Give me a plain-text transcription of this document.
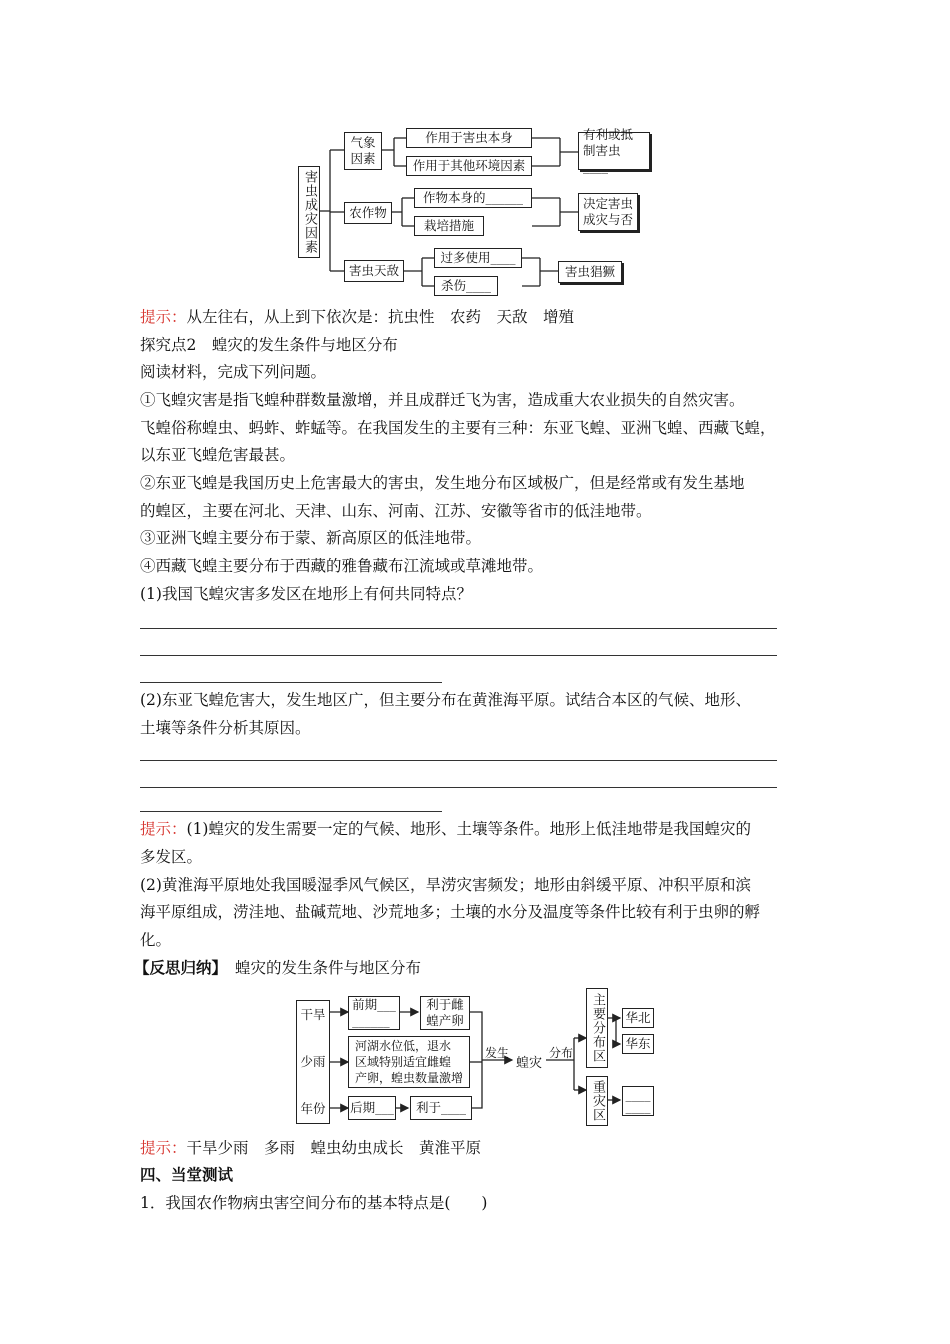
害虫成灾因素
气象因素
农作物
害虫天敌
作用于害虫本身
作用于其他环境因素
作物本身的______
栽培措施
过多使用____
杀伤____
有利或抵制害虫____
决定害虫成灾与否
害虫猖獗
提示：从左往右，从上到下依次是：抗虫性　农药　天敌　增殖
探究点2　蝗灾的发生条件与地区分布
阅读材料，完成下列问题。
①飞蝗灾害是指飞蝗种群数量激增，并且成群迁飞为害，造成重大农业损失的自然灾害。
飞蝗俗称蝗虫、蚂蚱、蚱蜢等。在我国发生的主要有三种：东亚飞蝗、亚洲飞蝗、西藏飞蝗，
以东亚飞蝗危害最甚。
②东亚飞蝗是我国历史上危害最大的害虫，发生地分布区域极广，但是经常或有发生基地
的蝗区，主要在河北、天津、山东、河南、江苏、安徽等省市的低洼地带。
③亚洲飞蝗主要分布于蒙、新高原区的低洼地带。
④西藏飞蝗主要分布于西藏的雅鲁藏布江流域或草滩地带。
(1)我国飞蝗灾害多发区在地形上有何共同特点？
(2)东亚飞蝗危害大，发生地区广，但主要分布在黄淮海平原。试结合本区的气候、地形、
土壤等条件分析其原因。
提示：(1)蝗灾的发生需要一定的气候、地形、土壤等条件。地形上低洼地带是我国蝗灾的
多发区。
(2)黄淮海平原地处我国暖湿季风气候区，旱涝灾害频发；地形由斜缓平原、冲积平原和滨
海平原组成，涝洼地、盐碱荒地、沙荒地多；土壤的水分及温度等条件比较有利于虫卵的孵
化。
【反思归纳】 蝗灾的发生条件与地区分布
干旱
少雨
年份
前期___
______
利于雌
蝗产卵
河湖水位低，退水
区域特别适宜雌蝗
产卵，蝗虫数量激增
后期___ 利于____
发生
蝗灾
分布 主要分布区 华北
华东
重灾区 ____
____
提示：干旱少雨　多雨　蝗虫幼虫成长　黄淮平原
四、当堂测试
1．我国农作物病虫害空间分布的基本特点是(　　)
